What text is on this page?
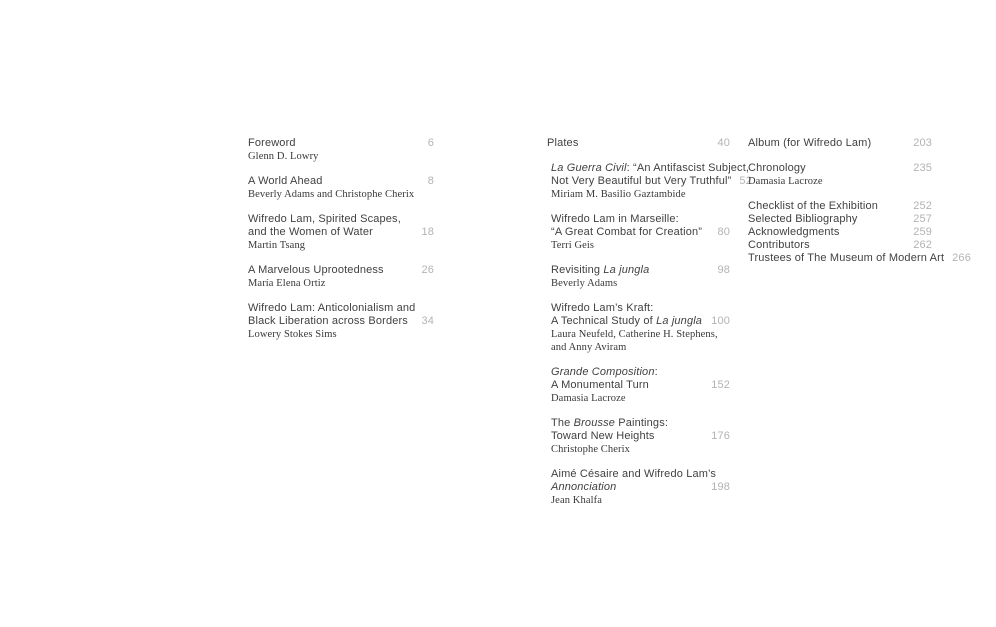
Foreword	6
Glenn D. Lowry
A World Ahead	8
Beverly Adams and Christophe Cherix
Wifredo Lam, Spirited Scapes,
and the Women of Water	18
Martin Tsang
A Marvelous Uprootedness	26
María Elena Ortiz
Wifredo Lam: Anticolonialism and
Black Liberation across Borders	34
Lowery Stokes Sims
Plates	40
La Guerra Civil: “An Antifascist Subject,
Not Very Beautiful but Very Truthful” 52
Miriam M. Basilio Gaztambide
Wifredo Lam in Marseille:
“A Great Combat for Creation”	80
Terri Geis
Revisiting La jungla	98
Beverly Adams
Wifredo Lam’s Kraft:
A Technical Study of La jungla 100
Laura Neufeld, Catherine H. Stephens,
and Anny Aviram
Grande Composition:
A Monumental Turn	152
Damasia Lacroze
The Brousse Paintings:
Toward New Heights	176
Christophe Cherix
Aimé Césaire and Wifredo Lam’s
Annonciation	198
Jean Khalfa
Album (for Wifredo Lam)	203
Chronology	235
Damasia Lacroze
Checklist of the Exhibition	252
Selected Bibliography	257
Acknowledgments	259
Contributors	262
Trustees of The Museum of Modern Art 266
